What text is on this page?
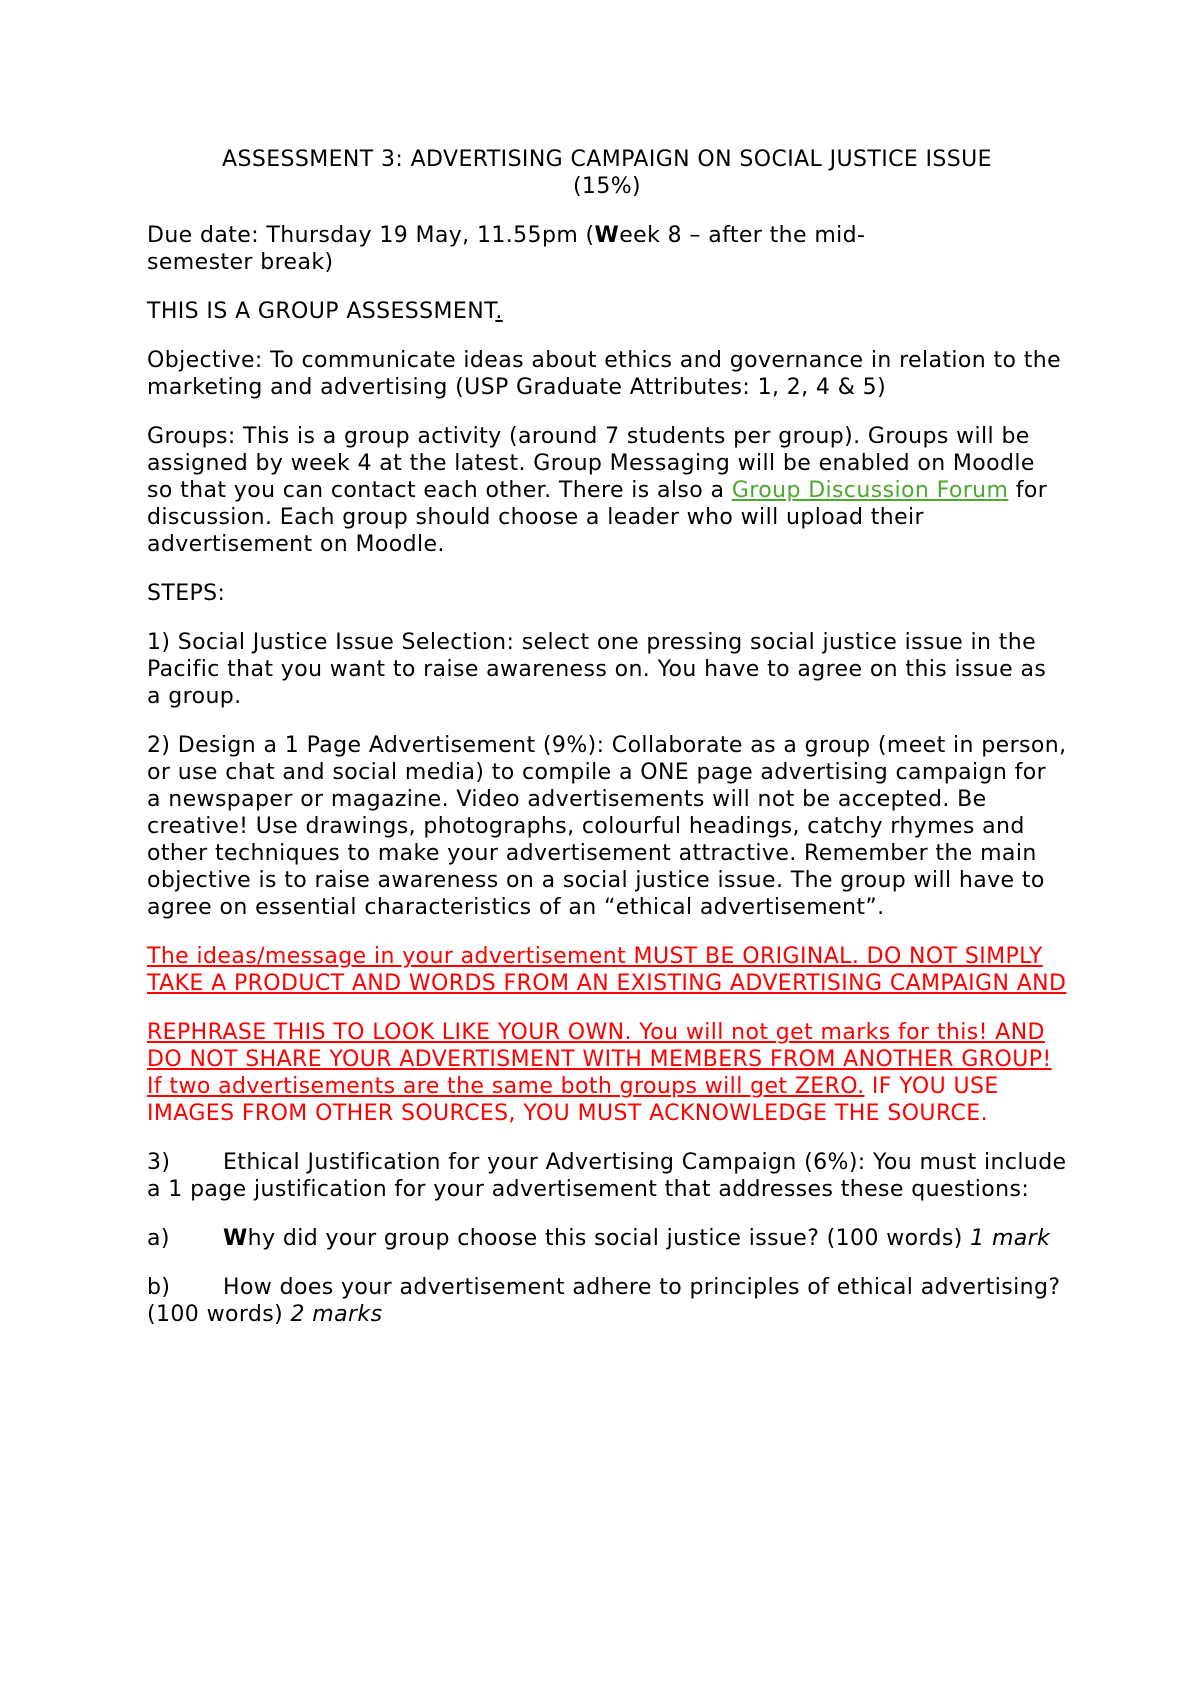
ASSESSMENT 3: ADVERTISING CAMPAIGN ON SOCIAL JUSTICE ISSUE
(15%)

Due date: Thursday 19 May, 11.55pm (Week 8 – after the mid-
semester break)

THIS IS A GROUP ASSESSMENT.

Objective: To communicate ideas about ethics and governance in relation to the marketing and advertising (USP Graduate Attributes: 1, 2, 4 & 5)

Groups: This is a group activity (around 7 students per group). Groups will be assigned by week 4 at the latest. Group Messaging will be enabled on Moodle so that you can contact each other. There is also a Group Discussion Forum for discussion. Each group should choose a leader who will upload their advertisement on Moodle.

STEPS:

1) Social Justice Issue Selection: select one pressing social justice issue in the Pacific that you want to raise awareness on. You have to agree on this issue as a group.

2) Design a 1 Page Advertisement (9%): Collaborate as a group (meet in person, or use chat and social media) to compile a ONE page advertising campaign for a newspaper or magazine. Video advertisements will not be accepted. Be creative! Use drawings, photographs, colourful headings, catchy rhymes and other techniques to make your advertisement attractive. Remember the main objective is to raise awareness on a social justice issue. The group will have to agree on essential characteristics of an “ethical advertisement”.

The ideas/message in your advertisement MUST BE ORIGINAL. DO NOT SIMPLY TAKE A PRODUCT AND WORDS FROM AN EXISTING ADVERTISING CAMPAIGN AND

REPHRASE THIS TO LOOK LIKE YOUR OWN. You will not get marks for this! AND DO NOT SHARE YOUR ADVERTISMENT WITH MEMBERS FROM ANOTHER GROUP! If two advertisements are the same both groups will get ZERO. IF YOU USE IMAGES FROM OTHER SOURCES, YOU MUST ACKNOWLEDGE THE SOURCE.

3) Ethical Justification for your Advertising Campaign (6%): You must include a 1 page justification for your advertisement that addresses these questions:

a) Why did your group choose this social justice issue? (100 words) 1 mark

b) How does your advertisement adhere to principles of ethical advertising? (100 words) 2 marks
